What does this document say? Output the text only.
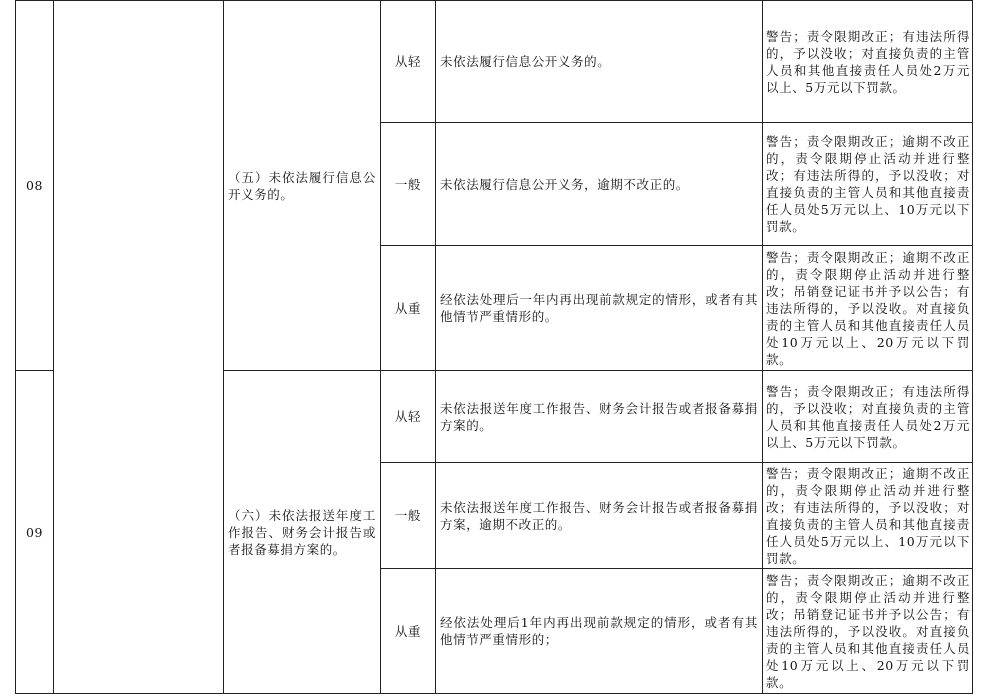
08		（五）未依法履行信息公开义务的。	从轻	未依法履行信息公开义务的。	警告；责令限期改正；有违法所得的，予以没收；对直接负责的主管人员和其他直接责任人员处2万元以上、5万元以下罚款。
			一般	未依法履行信息公开义务，逾期不改正的。	警告；责令限期改正；逾期不改正的，责令限期停止活动并进行整改；有违法所得的，予以没收；对直接负责的主管人员和其他直接责任人员处5万元以上、10万元以下罚款。
			从重	经依法处理后一年内再出现前款规定的情形，或者有其他情节严重情形的。	警告；责令限期改正；逾期不改正的，责令限期停止活动并进行整改；吊销登记证书并予以公告；有违法所得的，予以没收。对直接负责的主管人员和其他直接责任人员处10万元以上、20万元以下罚款。
09		（六）未依法报送年度工作报告、财务会计报告或者报备募捐方案的。	从轻	未依法报送年度工作报告、财务会计报告或者报备募捐方案的。	警告；责令限期改正；有违法所得的，予以没收；对直接负责的主管人员和其他直接责任人员处2万元以上、5万元以下罚款。
			一般	未依法报送年度工作报告、财务会计报告或者报备募捐方案，逾期不改正的。	警告；责令限期改正；逾期不改正的，责令限期停止活动并进行整改；有违法所得的，予以没收；对直接负责的主管人员和其他直接责任人员处5万元以上、10万元以下罚款。
			从重	经依法处理后1年内再出现前款规定的情形，或者有其他情节严重情形的；	警告；责令限期改正；逾期不改正的，责令限期停止活动并进行整改；吊销登记证书并予以公告；有违法所得的，予以没收。对直接负责的主管人员和其他直接责任人员处10万元以上、20万元以下罚款。
